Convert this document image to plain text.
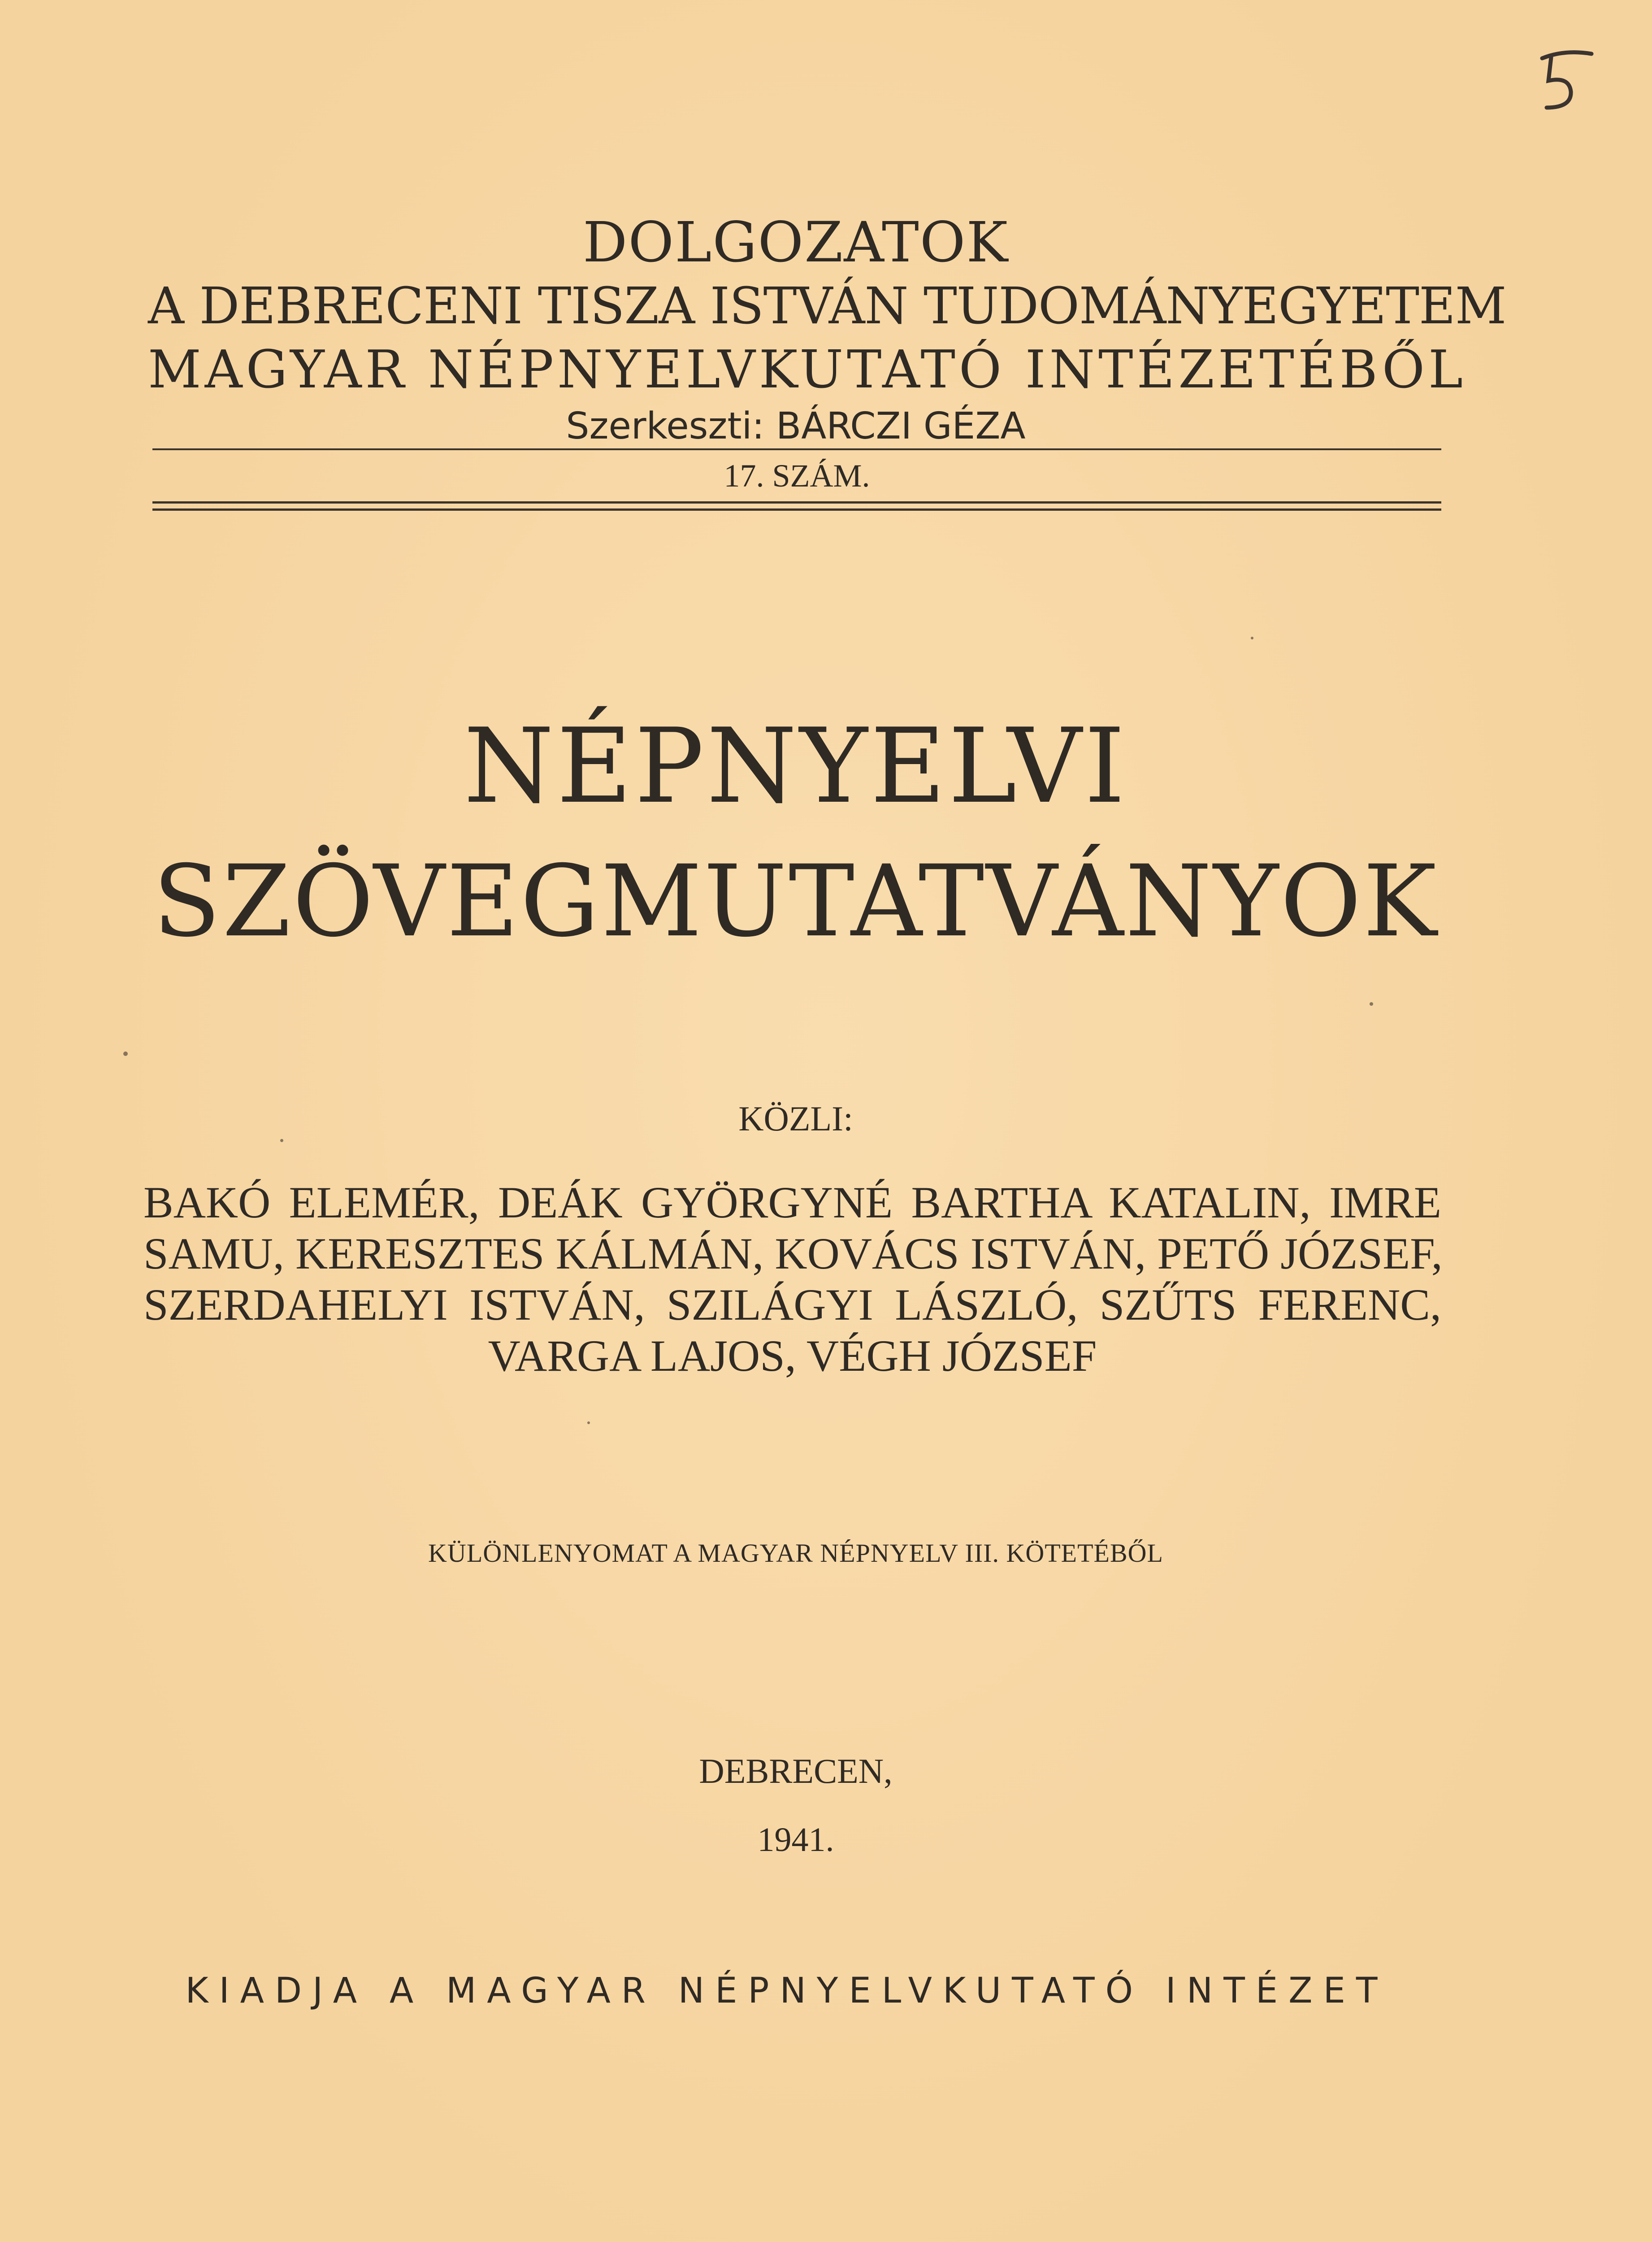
DOLGOZATOK
A DEBRECENI TISZA ISTVÁN TUDOMÁNYEGYETEM
MAGYAR NÉPNYELVKUTATÓ INTÉZETÉBŐL
Szerkeszti: BÁRCZI GÉZA
17. SZÁM.
NÉPNYELVI
SZÖVEGMUTATVÁNYOK
KÖZLI:
BAKÓ ELEMÉR, DEÁK GYÖRGYNÉ BARTHA KATALIN, IMRE
SAMU, KERESZTES KÁLMÁN, KOVÁCS ISTVÁN, PETŐ JÓZSEF,
SZERDAHELYI ISTVÁN, SZILÁGYI LÁSZLÓ, SZŰTS FERENC,
VARGA LAJOS, VÉGH JÓZSEF
KÜLÖNLENYOMAT A MAGYAR NÉPNYELV III. KÖTETÉBŐL
DEBRECEN,
1941.
KIADJA A MAGYAR NÉPNYELVKUTATÓ INTÉZET
